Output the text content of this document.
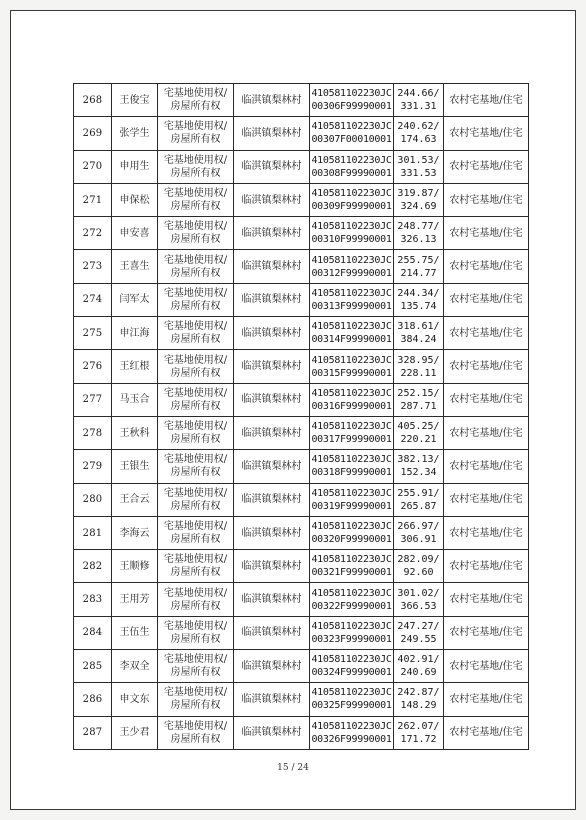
268	王俊宝	宅基地使用权/房屋所有权	临淇镇梨林村	410581102230JC00306F99990001	244.66/331.31	农村宅基地/住宅
269	张学生	宅基地使用权/房屋所有权	临淇镇梨林村	410581102230JC00307F00010001	240.62/174.63	农村宅基地/住宅
270	申用生	宅基地使用权/房屋所有权	临淇镇梨林村	410581102230JC00308F99990001	301.53/331.53	农村宅基地/住宅
271	申保松	宅基地使用权/房屋所有权	临淇镇梨林村	410581102230JC00309F99990001	319.87/324.69	农村宅基地/住宅
272	申安喜	宅基地使用权/房屋所有权	临淇镇梨林村	410581102230JC00310F99990001	248.77/326.13	农村宅基地/住宅
273	王喜生	宅基地使用权/房屋所有权	临淇镇梨林村	410581102230JC00312F99990001	255.75/214.77	农村宅基地/住宅
274	闫军太	宅基地使用权/房屋所有权	临淇镇梨林村	410581102230JC00313F99990001	244.34/135.74	农村宅基地/住宅
275	申江海	宅基地使用权/房屋所有权	临淇镇梨林村	410581102230JC00314F99990001	318.61/384.24	农村宅基地/住宅
276	王红根	宅基地使用权/房屋所有权	临淇镇梨林村	410581102230JC00315F99990001	328.95/228.11	农村宅基地/住宅
277	马玉合	宅基地使用权/房屋所有权	临淇镇梨林村	410581102230JC00316F99990001	252.15/287.71	农村宅基地/住宅
278	王秋科	宅基地使用权/房屋所有权	临淇镇梨林村	410581102230JC00317F99990001	405.25/220.21	农村宅基地/住宅
279	王银生	宅基地使用权/房屋所有权	临淇镇梨林村	410581102230JC00318F99990001	382.13/152.34	农村宅基地/住宅
280	王合云	宅基地使用权/房屋所有权	临淇镇梨林村	410581102230JC00319F99990001	255.91/265.87	农村宅基地/住宅
281	李海云	宅基地使用权/房屋所有权	临淇镇梨林村	410581102230JC00320F99990001	266.97/306.91	农村宅基地/住宅
282	王顺修	宅基地使用权/房屋所有权	临淇镇梨林村	410581102230JC00321F99990001	282.09/92.60	农村宅基地/住宅
283	王用芳	宅基地使用权/房屋所有权	临淇镇梨林村	410581102230JC00322F99990001	301.02/366.53	农村宅基地/住宅
284	王伍生	宅基地使用权/房屋所有权	临淇镇梨林村	410581102230JC00323F99990001	247.27/249.55	农村宅基地/住宅
285	李双全	宅基地使用权/房屋所有权	临淇镇梨林村	410581102230JC00324F99990001	402.91/240.69	农村宅基地/住宅
286	申文东	宅基地使用权/房屋所有权	临淇镇梨林村	410581102230JC00325F99990001	242.87/148.29	农村宅基地/住宅
287	王少君	宅基地使用权/房屋所有权	临淇镇梨林村	410581102230JC00326F99990001	262.07/171.72	农村宅基地/住宅
15 / 24
